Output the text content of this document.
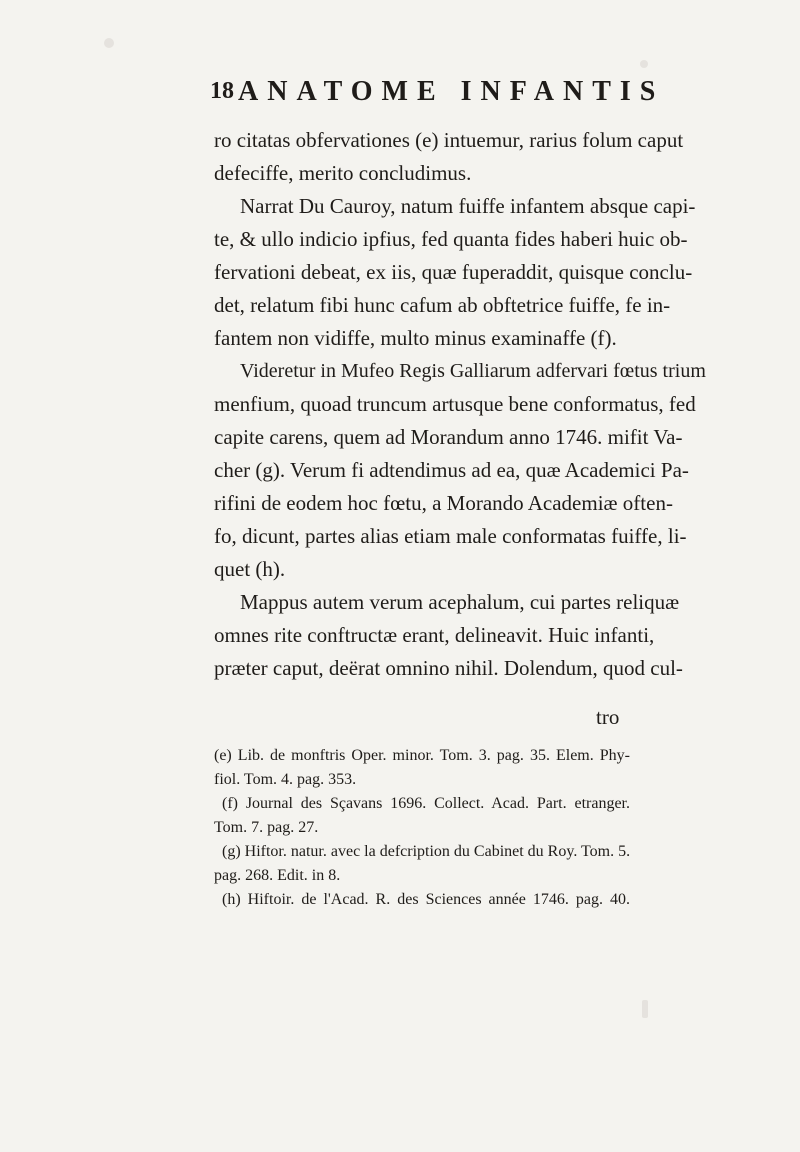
18 ANATOME INFANTIS
ro citatas obfervationes (e) intuemur, rarius folum caput
defeciffe, merito concludimus.
Narrat Du Cauroy, natum fuiffe infantem absque capi-
te, & ullo indicio ipfius, fed quanta fides haberi huic ob-
fervationi debeat, ex iis, quæ fuperaddit, quisque conclu-
det, relatum fibi hunc cafum ab obftetrice fuiffe, fe in-
fantem non vidiffe, multo minus examinaffe (f).
Videretur in Mufeo Regis Galliarum adfervari fœtus trium
menfium, quoad truncum artusque bene conformatus, fed
capite carens, quem ad Morandum anno 1746. mifit Va-
cher (g). Verum fi adtendimus ad ea, quæ Academici Pa-
rifini de eodem hoc fœtu, a Morando Academiæ often-
fo, dicunt, partes alias etiam male conformatas fuiffe, li-
quet (h).
Mappus autem verum acephalum, cui partes reliquæ
omnes rite conftructæ erant, delineavit. Huic infanti,
præter caput, deërat omnino nihil. Dolendum, quod cul-
tro
(e) Lib. de monftris Oper. minor. Tom. 3. pag. 35. Elem. Phy-
fiol. Tom. 4. pag. 353.
(f) Journal des Sçavans 1696. Collect. Acad. Part. etranger.
Tom. 7. pag. 27.
(g) Hiftor. natur. avec la defcription du Cabinet du Roy. Tom. 5.
pag. 268. Edit. in 8.
(h) Hiftoir. de l'Acad. R. des Sciences année 1746. pag. 40.
